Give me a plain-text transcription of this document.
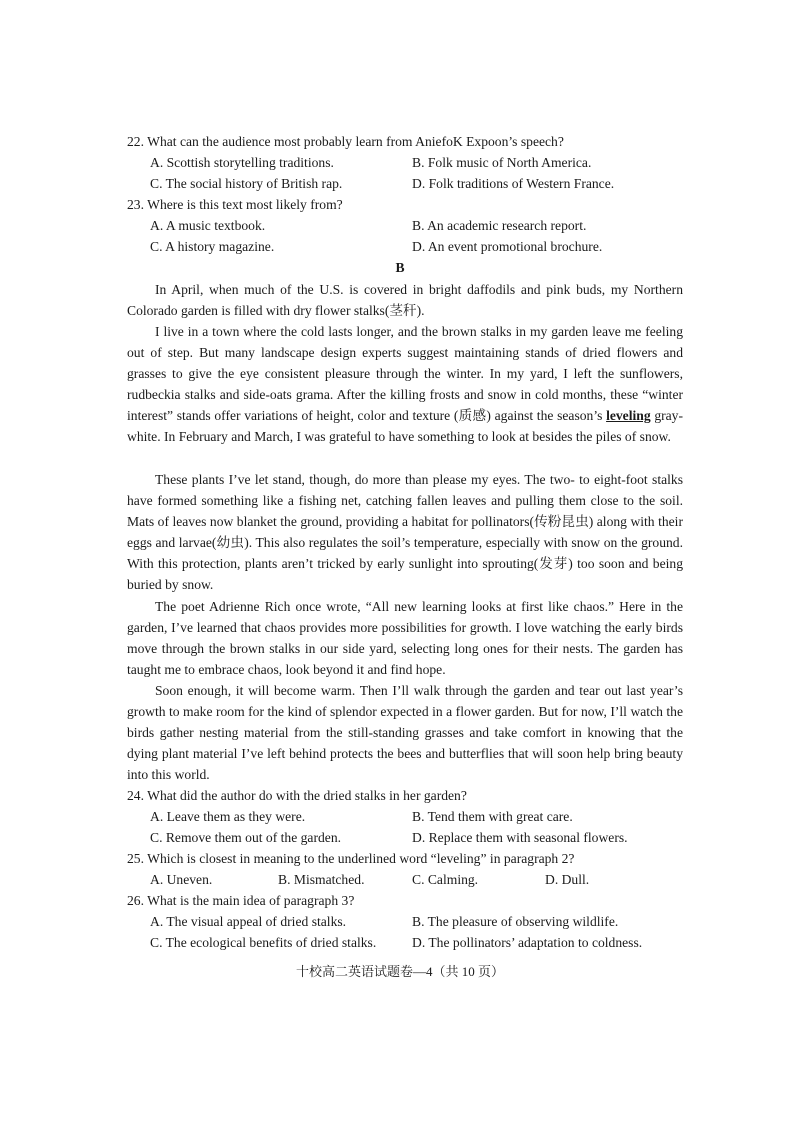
22. What can the audience most probably learn from AniefoK Expoon’s speech?
A. Scottish storytelling traditions.	B. Folk music of North America.
C. The social history of British rap.	D. Folk traditions of Western France.
23. Where is this text most likely from?
A. A music textbook.	B. An academic research report.
C. A history magazine.	D. An event promotional brochure.
B
In April, when much of the U.S. is covered in bright daffodils and pink buds, my Northern Colorado garden is filled with dry flower stalks(茎秆).
I live in a town where the cold lasts longer, and the brown stalks in my garden leave me feeling out of step. But many landscape design experts suggest maintaining stands of dried flowers and grasses to give the eye consistent pleasure through the winter. In my yard, I left the sunflowers, rudbeckia stalks and side-oats grama. After the killing frosts and snow in cold months, these “winter interest” stands offer variations of height, color and texture (质感) against the season’s leveling gray-white. In February and March, I was grateful to have something to look at besides the piles of snow.
These plants I’ve let stand, though, do more than please my eyes. The two- to eight-foot stalks have formed something like a fishing net, catching fallen leaves and pulling them close to the soil. Mats of leaves now blanket the ground, providing a habitat for pollinators(传粉昆虫) along with their eggs and larvae(幼虫). This also regulates the soil’s temperature, especially with snow on the ground. With this protection, plants aren’t tricked by early sunlight into sprouting(发芽) too soon and being buried by snow.
The poet Adrienne Rich once wrote, “All new learning looks at first like chaos.” Here in the garden, I’ve learned that chaos provides more possibilities for growth. I love watching the early birds move through the brown stalks in our side yard, selecting long ones for their nests. The garden has taught me to embrace chaos, look beyond it and find hope.
Soon enough, it will become warm. Then I’ll walk through the garden and tear out last year’s growth to make room for the kind of splendor expected in a flower garden. But for now, I’ll watch the birds gather nesting material from the still-standing grasses and take comfort in knowing that the dying plant material I’ve left behind protects the bees and butterflies that will soon help bring beauty into this world.
24. What did the author do with the dried stalks in her garden?
A. Leave them as they were.	B. Tend them with great care.
C. Remove them out of the garden.	D. Replace them with seasonal flowers.
25. Which is closest in meaning to the underlined word “leveling” in paragraph 2?
A. Uneven.	B. Mismatched.	C. Calming.	D. Dull.
26. What is the main idea of paragraph 3?
A. The visual appeal of dried stalks.	B. The pleasure of observing wildlife.
C. The ecological benefits of dried stalks.	D. The pollinators’ adaptation to coldness.
十校高二英语试题卷—4（共 10 页）
